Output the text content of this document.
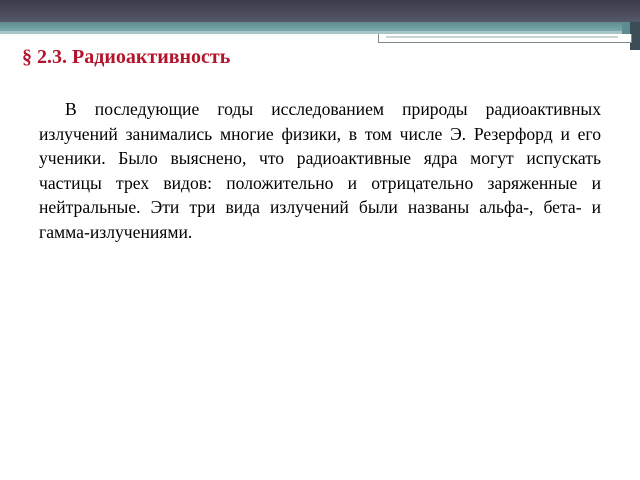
§ 2.3. Радиоактивность

В последующие годы исследованием природы радиоактивных излучений занимались многие физики, в том числе Э. Резерфорд и его ученики. Было выяснено, что радиоактивные ядра могут испускать частицы трех видов: положительно и отрицательно заряженные и нейтральные. Эти три вида излучений были названы альфа-, бета- и гамма-излучениями.
